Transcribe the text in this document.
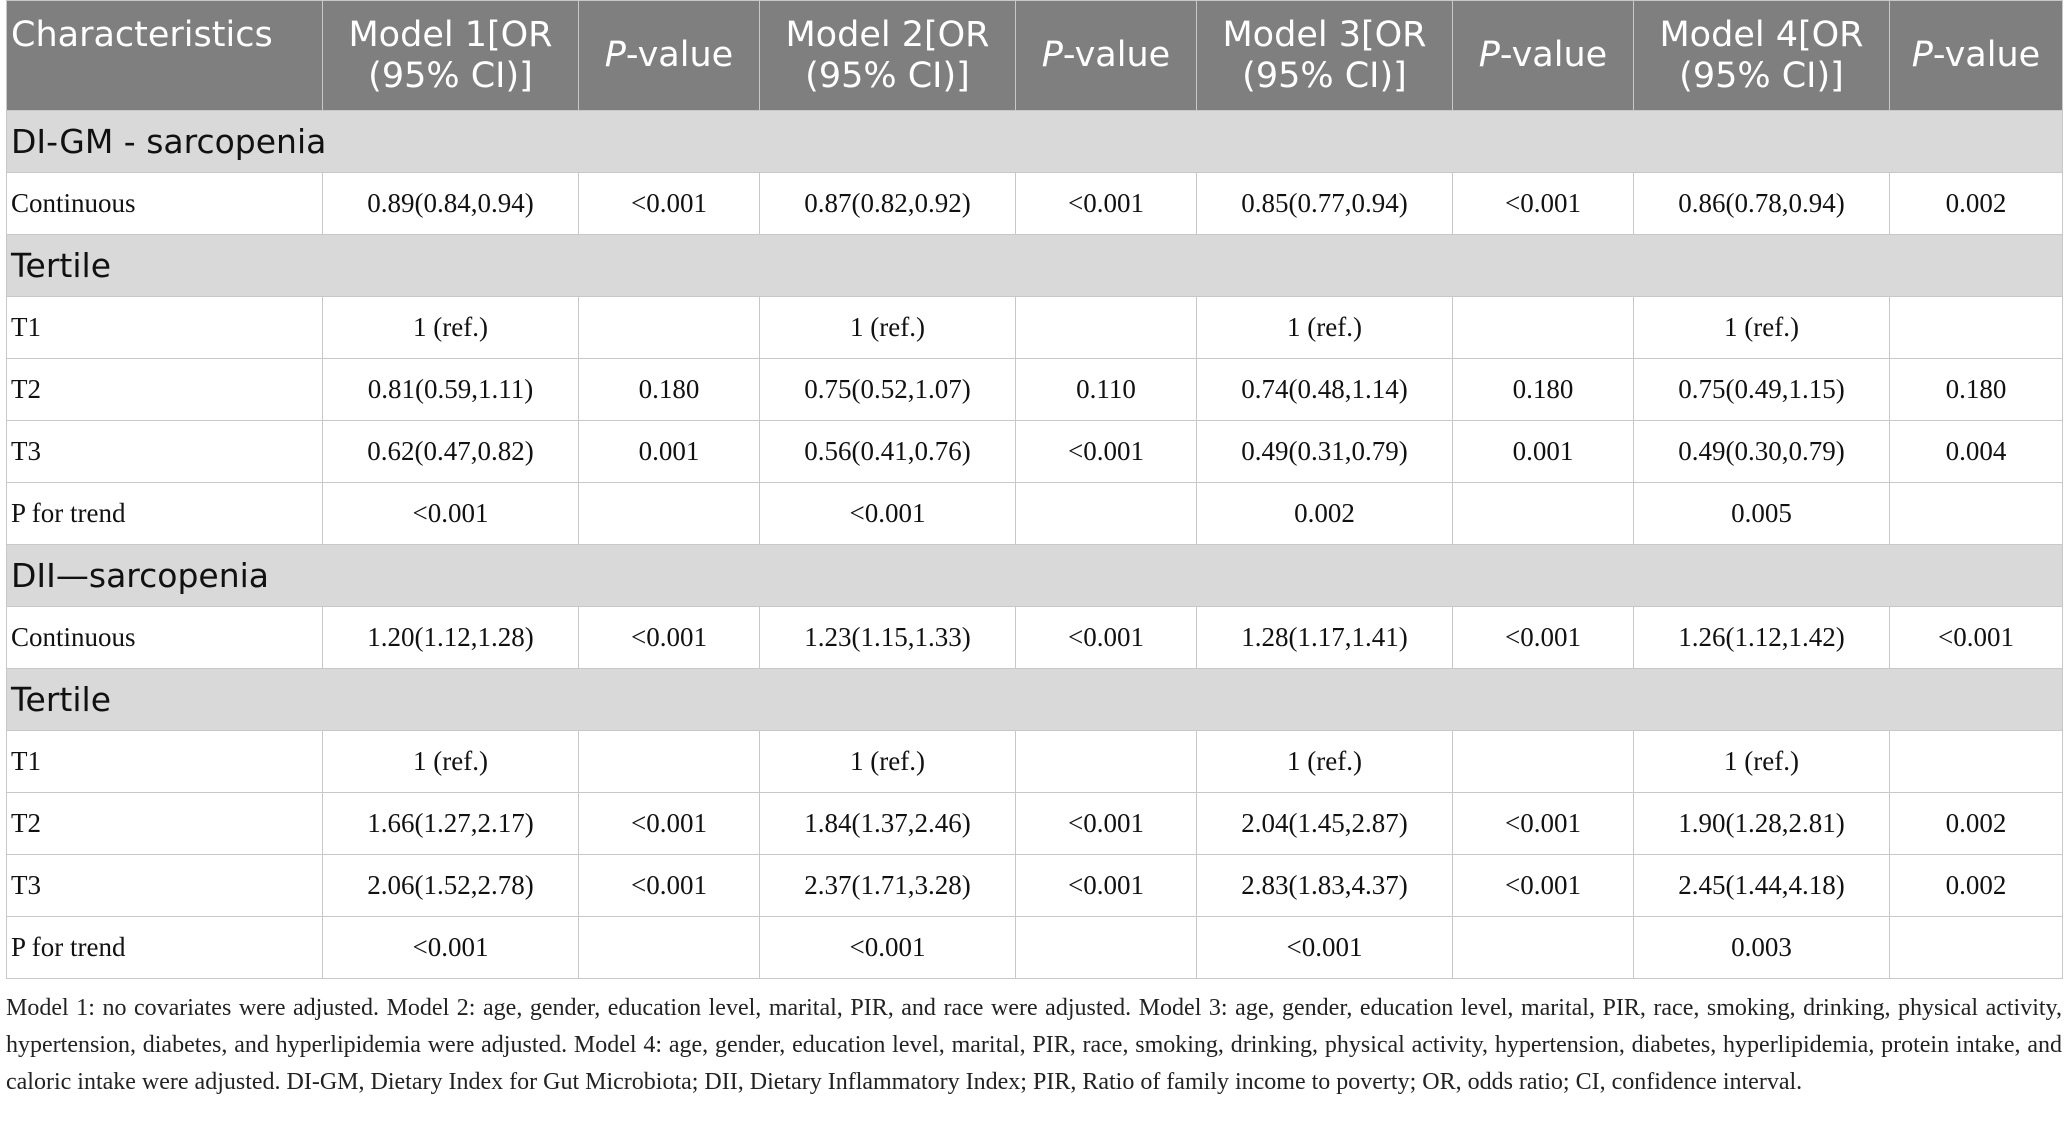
Characteristics	Model 1[OR (95% CI)]	P-value	Model 2[OR (95% CI)]	P-value	Model 3[OR (95% CI)]	P-value	Model 4[OR (95% CI)]	P-value
DI-GM - sarcopenia								
Continuous	0.89(0.84,0.94)	<0.001	0.87(0.82,0.92)	<0.001	0.85(0.77,0.94)	<0.001	0.86(0.78,0.94)	0.002
Tertile								
T1	1 (ref.)		1 (ref.)		1 (ref.)		1 (ref.)	
T2	0.81(0.59,1.11)	0.180	0.75(0.52,1.07)	0.110	0.74(0.48,1.14)	0.180	0.75(0.49,1.15)	0.180
T3	0.62(0.47,0.82)	0.001	0.56(0.41,0.76)	<0.001	0.49(0.31,0.79)	0.001	0.49(0.30,0.79)	0.004
P for trend	<0.001		<0.001		0.002		0.005	
DII—sarcopenia								
Continuous	1.20(1.12,1.28)	<0.001	1.23(1.15,1.33)	<0.001	1.28(1.17,1.41)	<0.001	1.26(1.12,1.42)	<0.001
Tertile								
T1	1 (ref.)		1 (ref.)		1 (ref.)		1 (ref.)	
T2	1.66(1.27,2.17)	<0.001	1.84(1.37,2.46)	<0.001	2.04(1.45,2.87)	<0.001	1.90(1.28,2.81)	0.002
T3	2.06(1.52,2.78)	<0.001	2.37(1.71,3.28)	<0.001	2.83(1.83,4.37)	<0.001	2.45(1.44,4.18)	0.002
P for trend	<0.001		<0.001		<0.001		0.003	
Model 1: no covariates were adjusted. Model 2: age, gender, education level, marital, PIR, and race were adjusted. Model 3: age, gender, education level, marital, PIR, race, smoking, drinking, physical activity, hypertension, diabetes, and hyperlipidemia were adjusted. Model 4: age, gender, education level, marital, PIR, race, smoking, drinking, physical activity, hypertension, diabetes, hyperlipidemia, protein intake, and caloric intake were adjusted. DI-GM, Dietary Index for Gut Microbiota; DII, Dietary Inflammatory Index; PIR, Ratio of family income to poverty; OR, odds ratio; CI, confidence interval.
